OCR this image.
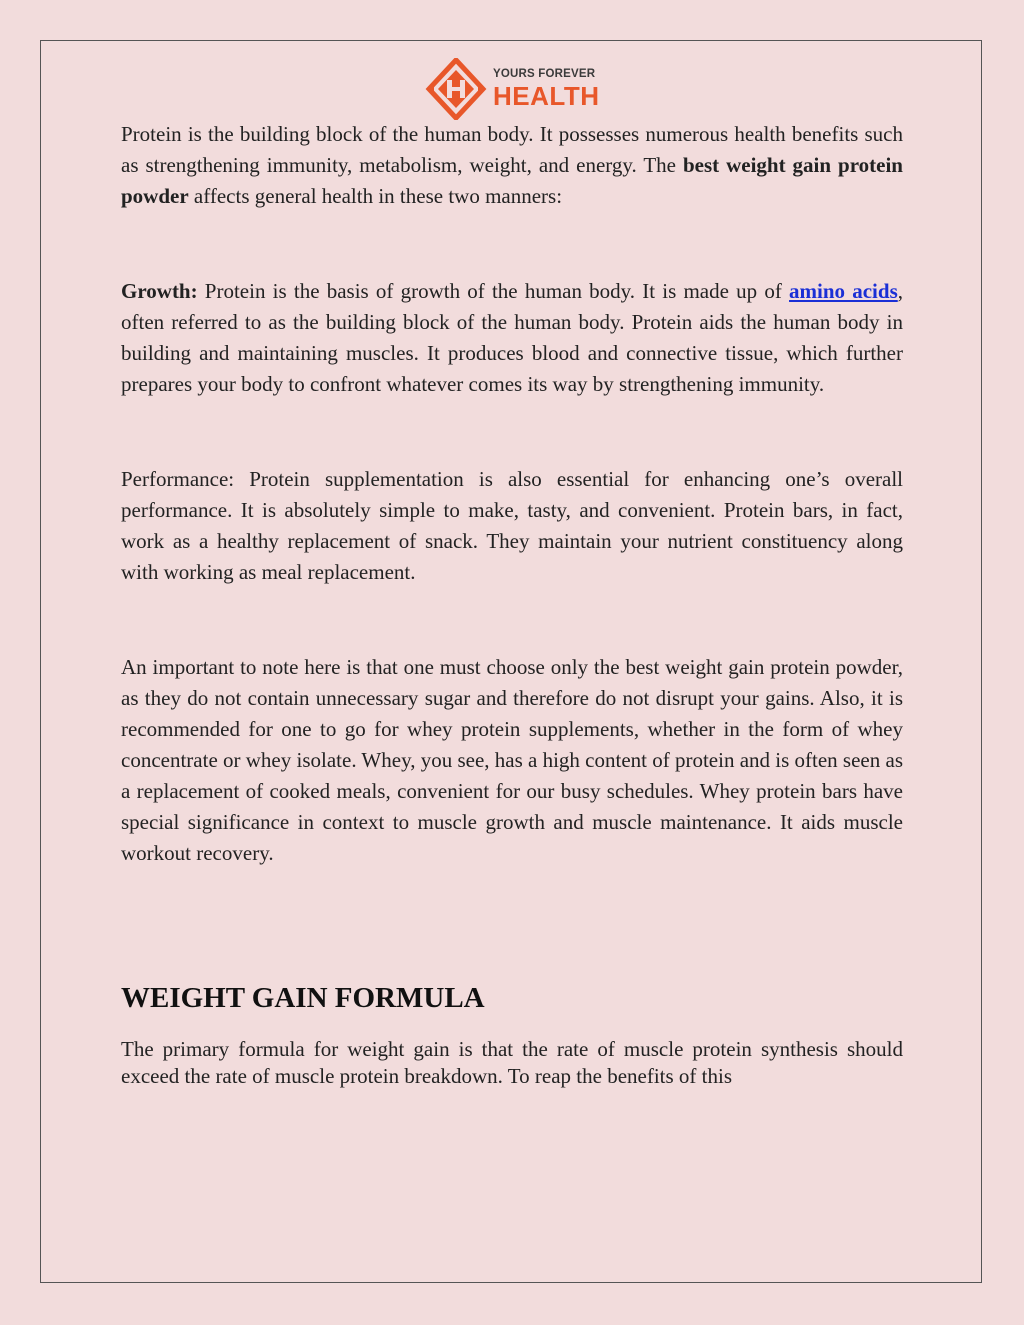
YOURS FOREVER
HEALTH

Protein is the building block of the human body. It possesses numerous health benefits such as strengthening immunity, metabolism, weight, and energy. The best weight gain protein powder affects general health in these two manners:

Growth: Protein is the basis of growth of the human body. It is made up of amino acids, often referred to as the building block of the human body. Protein aids the human body in building and maintaining muscles. It produces blood and connective tissue, which further prepares your body to confront whatever comes its way by strengthening immunity.

Performance: Protein supplementation is also essential for enhancing one’s overall performance. It is absolutely simple to make, tasty, and convenient. Protein bars, in fact, work as a healthy replacement of snack. They maintain your nutrient constituency along with working as meal replacement.

An important to note here is that one must choose only the best weight gain protein powder, as they do not contain unnecessary sugar and therefore do not disrupt your gains. Also, it is recommended for one to go for whey protein supplements, whether in the form of whey concentrate or whey isolate. Whey, you see, has a high content of protein and is often seen as a replacement of cooked meals, convenient for our busy schedules. Whey protein bars have special significance in context to muscle growth and muscle maintenance. It aids muscle workout recovery.

WEIGHT GAIN FORMULA

The primary formula for weight gain is that the rate of muscle protein synthesis should exceed the rate of muscle protein breakdown. To reap the benefits of this
